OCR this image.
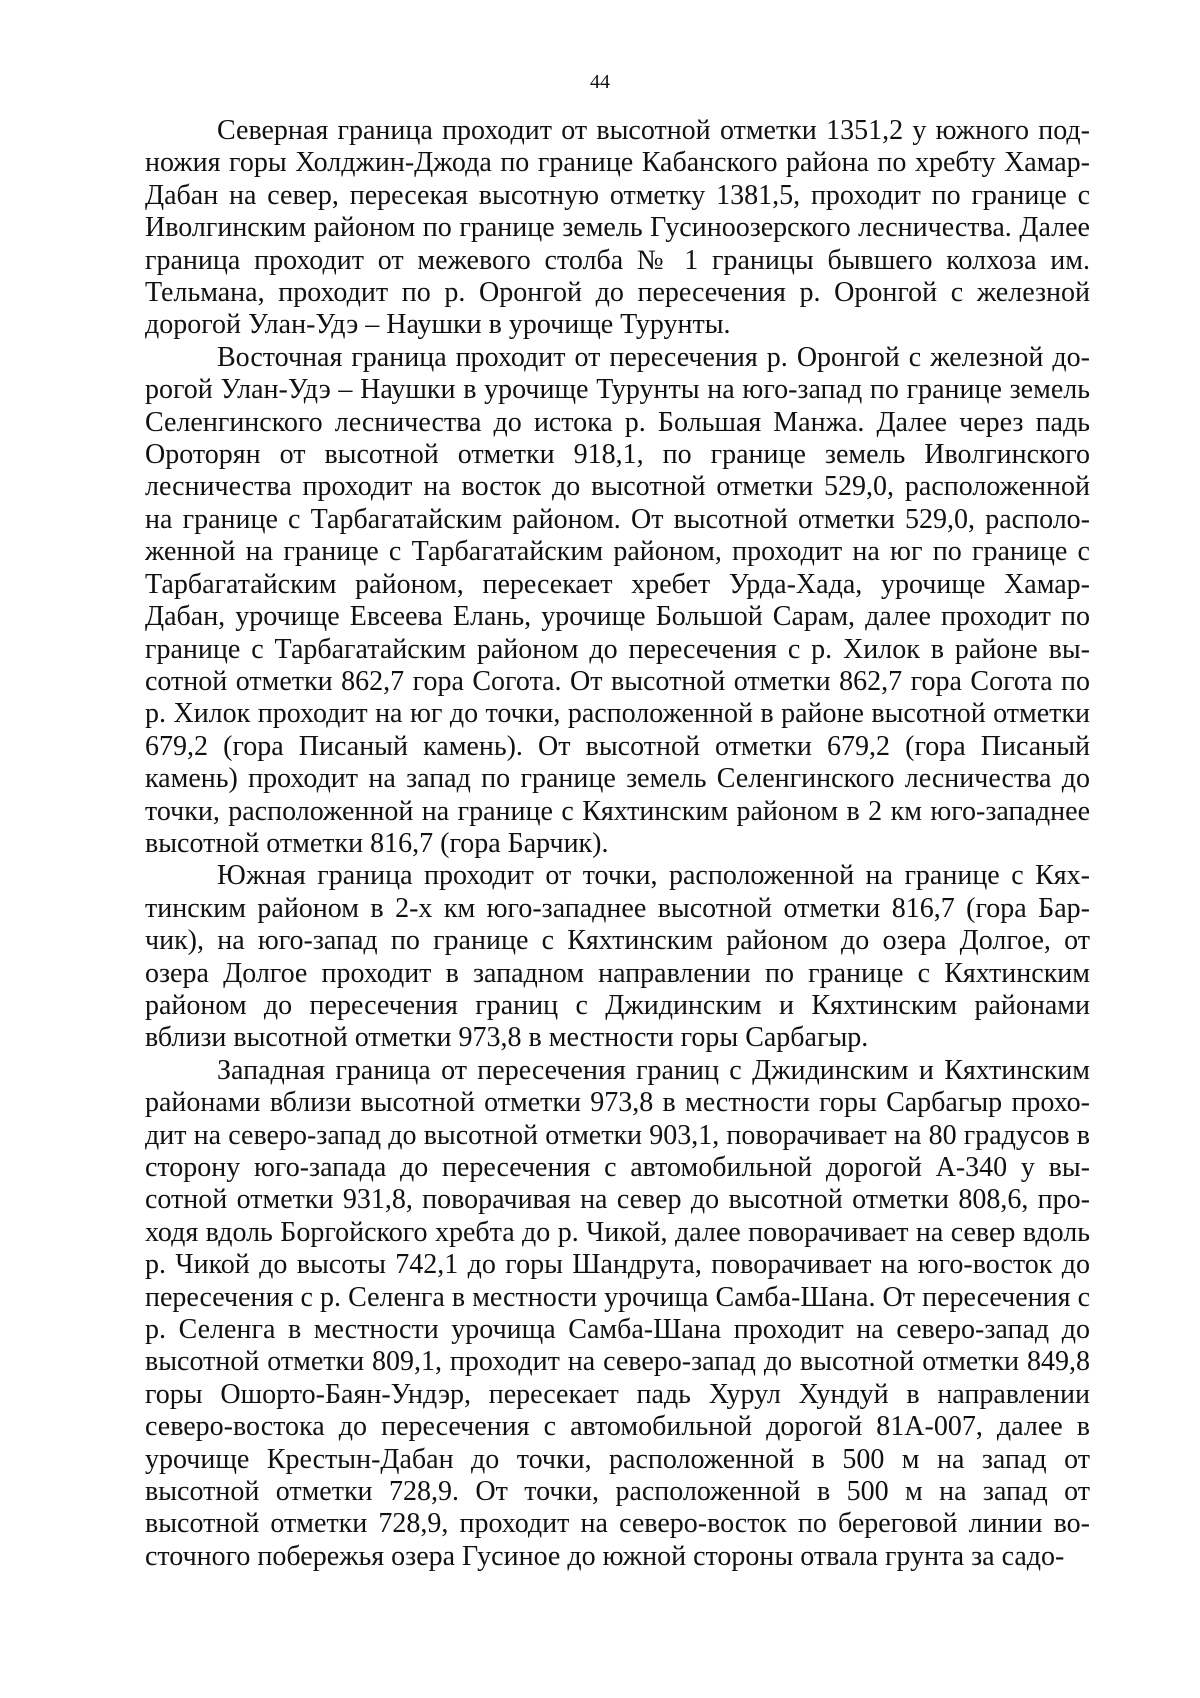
44

Северная граница проходит от высотной отметки 1351,2 у южного подножия горы Холджин-Джода по границе Кабанского района по хребту Хамар-Дабан на север, пересекая высотную отметку 1381,5, проходит по границе с Иволгинским районом по границе земель Гусиноозерского лесничества. Далее граница проходит от межевого столба № 1 границы бывшего колхоза им. Тельмана, проходит по р. Оронгой до пересечения р. Оронгой с железной дорогой Улан-Удэ – Наушки в урочище Турунты.

Восточная граница проходит от пересечения р. Оронгой с железной дорогой Улан-Удэ – Наушки в урочище Турунты на юго-запад по границе земель Селенгинского лесничества до истока р. Большая Манжа. Далее через падь Ороторян от высотной отметки 918,1, по границе земель Иволгинского лесничества проходит на восток до высотной отметки 529,0, расположенной на границе с Тарбагатайским районом. От высотной отметки 529,0, расположенной на границе с Тарбагатайским районом, проходит на юг по границе с Тарбагатайским районом, пересекает хребет Урда-Хада, урочище Хамар-Дабан, урочище Евсеева Елань, урочище Большой Сарам, далее проходит по границе с Тарбагатайским районом до пересечения с р. Хилок в районе высотной отметки 862,7 гора Согота. От высотной отметки 862,7 гора Согота по р. Хилок проходит на юг до точки, расположенной в районе высотной отметки 679,2 (гора Писаный камень). От высотной отметки 679,2 (гора Писаный камень) проходит на запад по границе земель Селенгинского лесничества до точки, расположенной на границе с Кяхтинским районом в 2 км юго-западнее высотной отметки 816,7 (гора Барчик).

Южная граница проходит от точки, расположенной на границе с Кяхтинским районом в 2-х км юго-западнее высотной отметки 816,7 (гора Барчик), на юго-запад по границе с Кяхтинским районом до озера Долгое, от озера Долгое проходит в западном направлении по границе с Кяхтинским районом до пересечения границ с Джидинским и Кяхтинским районами вблизи высотной отметки 973,8 в местности горы Сарбагыр.

Западная граница от пересечения границ с Джидинским и Кяхтинским районами вблизи высотной отметки 973,8 в местности горы Сарбагыр проходит на северо-запад до высотной отметки 903,1, поворачивает на 80 градусов в сторону юго-запада до пересечения с автомобильной дорогой А-340 у высотной отметки 931,8, поворачивая на север до высотной отметки 808,6, проходя вдоль Боргойского хребта до р. Чикой, далее поворачивает на север вдоль р. Чикой до высоты 742,1 до горы Шандрута, поворачивает на юго-восток до пересечения с р. Селенга в местности урочища Самба-Шана. От пересечения с р. Селенга в местности урочища Самба-Шана проходит на северо-запад до высотной отметки 809,1, проходит на северо-запад до высотной отметки 849,8 горы Ошорто-Баян-Ундэр, пересекает падь Хурул Хундуй в направлении северо-востока до пересечения с автомобильной дорогой 81А-007, далее в урочище Крестын-Дабан до точки, расположенной в 500 м на запад от высотной отметки 728,9. От точки, расположенной в 500 м на запад от высотной отметки 728,9, проходит на северо-восток по береговой линии восточного побережья озера Гусиное до южной стороны отвала грунта за садо-
